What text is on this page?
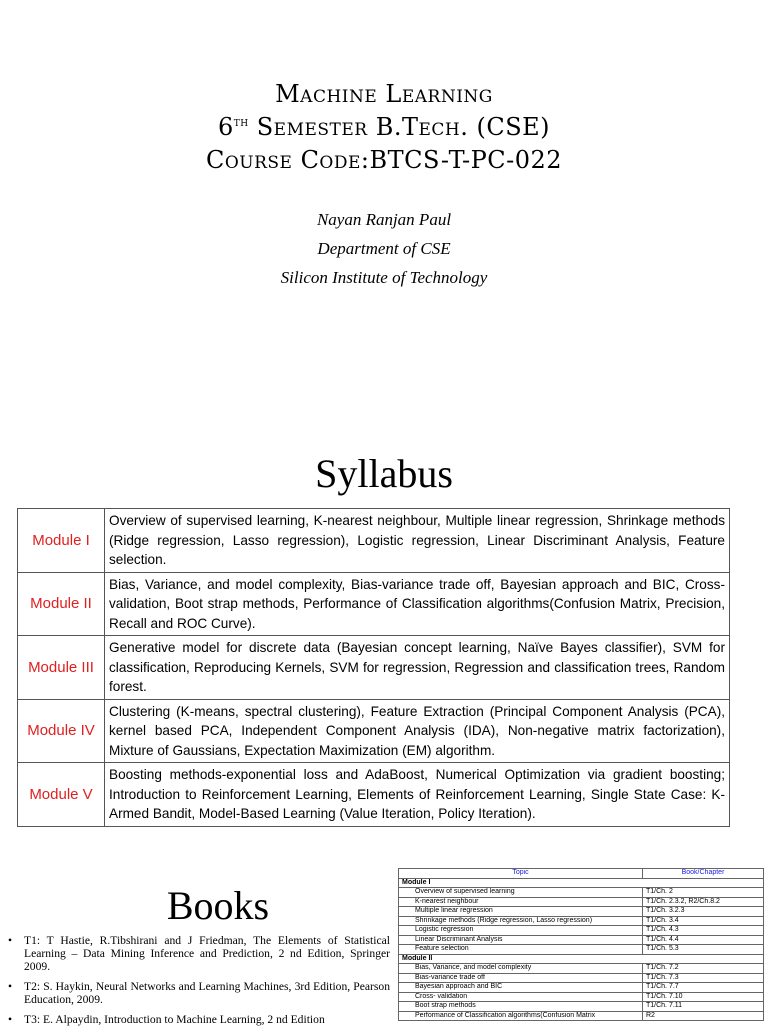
Machine Learning
6th Semester B.Tech. (CSE)
Course Code:BTCS-T-PC-022
Nayan Ranjan Paul
Department of CSE
Silicon Institute of Technology
Syllabus
Module I	Overview of supervised learning, K-nearest neighbour, Multiple linear regression, Shrinkage methods (Ridge regression, Lasso regression), Logistic regression, Linear Discriminant Analysis, Feature selection.
Module II	Bias, Variance, and model complexity, Bias-variance trade off, Bayesian approach and BIC, Cross-validation, Boot strap methods, Performance of Classification algorithms(Confusion Matrix, Precision, Recall and ROC Curve).
Module III	Generative model for discrete data (Bayesian concept learning, Naïve Bayes classifier), SVM for classification, Reproducing Kernels, SVM for regression, Regression and classification trees, Random forest.
Module IV	Clustering (K-means, spectral clustering), Feature Extraction (Principal Component Analysis (PCA), kernel based PCA, Independent Component Analysis (IDA), Non-negative matrix factorization), Mixture of Gaussians, Expectation Maximization (EM) algorithm.
Module V	Boosting methods-exponential loss and AdaBoost, Numerical Optimization via gradient boosting; Introduction to Reinforcement Learning, Elements of Reinforcement Learning, Single State Case: K-Armed Bandit, Model-Based Learning (Value Iteration, Policy Iteration).
Books
• T1: T Hastie, R.Tibshirani and J Friedman, The Elements of Statistical Learning – Data Mining Inference and Prediction, 2 nd Edition, Springer 2009.
• T2: S. Haykin, Neural Networks and Learning Machines, 3rd Edition, Pearson Education, 2009.
• T3: E. Alpaydin, Introduction to Machine Learning, 2 nd Edition
Topic	Book/Chapter
Module I	
Overview of supervised learning	T1/Ch. 2
K-nearest neighbour	T1/Ch. 2.3.2, R2/Ch.8.2
Multiple linear regression	T1/Ch. 3.2.3
Shrinkage methods (Ridge regression, Lasso regression)	T1/Ch. 3.4
Logistic regression	T1/Ch. 4.3
Linear Discriminant Analysis	T1/Ch. 4.4
Feature selection	T1/Ch. 5.3
Module II	
Bias, Variance, and model complexity	T1/Ch. 7.2
Bias-variance trade off	T1/Ch. 7.3
Bayesian approach and BIC	T1/Ch. 7.7
Cross- validation	T1/Ch. 7.10
Boot strap methods	T1/Ch. 7.11
Performance of Classification algorithms(Confusion Matrix	R2
